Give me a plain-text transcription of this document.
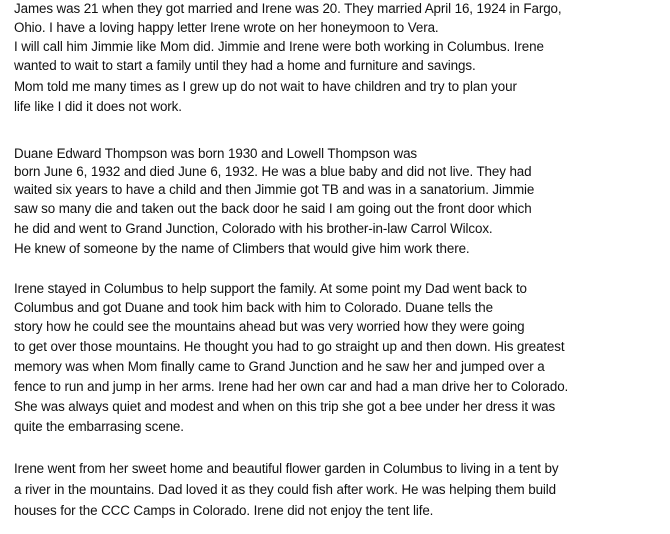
James was 21 when they got married and Irene was 20. They married April 16, 1924 in Fargo,
Ohio. I have a loving happy letter Irene wrote on her honeymoon to Vera.
I will call him Jimmie like Mom did. Jimmie and Irene were both working in Columbus. Irene
wanted to wait to start a family until they had a home and furniture and savings.
Mom told me many times as I grew up do not wait to have children and try to plan your
life like I did it does not work.
Duane Edward Thompson was born 1930 and Lowell Thompson was
born June 6, 1932 and died June 6, 1932. He was a blue baby and did not live. They had
waited six years to have a child and then Jimmie got TB and was in a sanatorium. Jimmie
saw so many die and taken out the back door he said I am going out the front door which
he did and went to Grand Junction, Colorado with his brother-in-law Carrol Wilcox.
He knew of someone by the name of Climbers that would give him work there.
Irene stayed in Columbus to help support the family. At some point my Dad went back to
Columbus and got Duane and took him back with him to Colorado. Duane tells the
story how he could see the mountains ahead but was very worried how they were going
to get over those mountains. He thought you had to go straight up and then down. His greatest
memory was when Mom finally came to Grand Junction and he saw her and jumped over a
fence to run and jump in her arms. Irene had her own car and had a man drive her to Colorado.
She was always quiet and modest and when on this trip she got a bee under her dress it was
quite the embarrasing scene.
Irene went from her sweet home and beautiful flower garden in Columbus to living in a tent by
a river in the mountains. Dad loved it as they could fish after work. He was helping them build
houses for the CCC Camps in Colorado. Irene did not enjoy the tent life.
